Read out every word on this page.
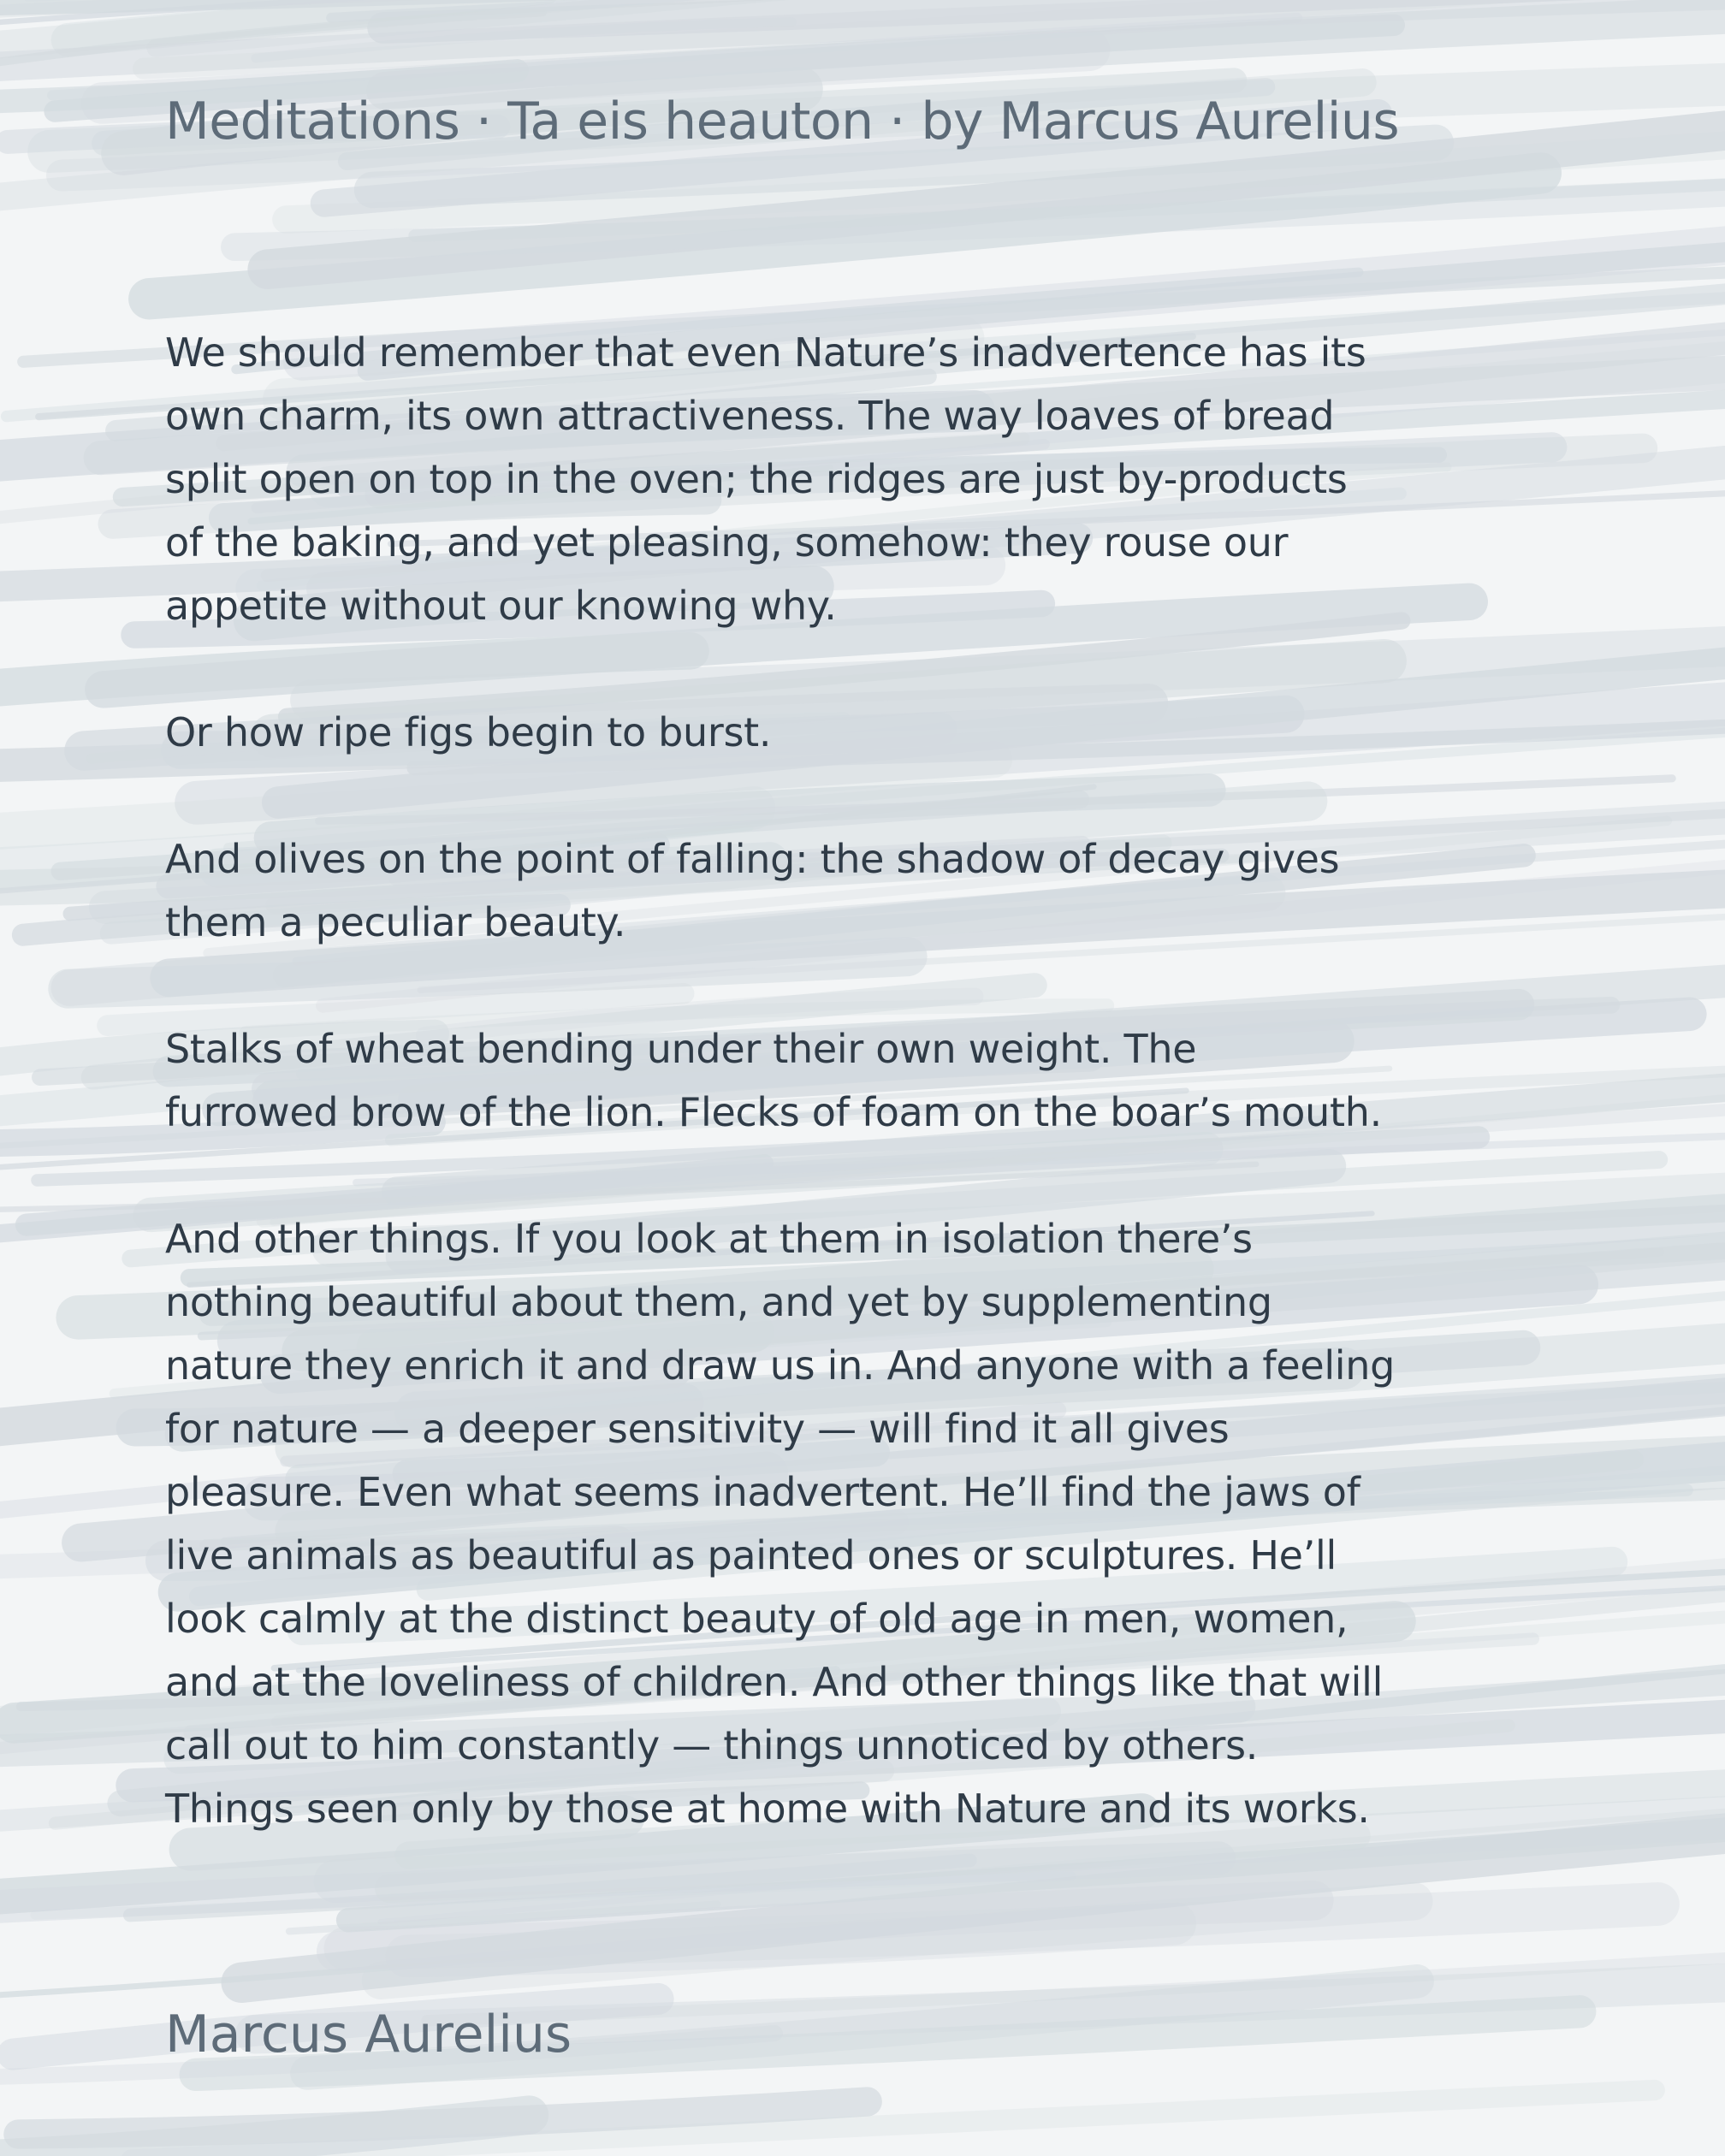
Meditations · Ta eis heauton · by Marcus Aurelius

We should remember that even Nature’s inadvertence has its
own charm, its own attractiveness. The way loaves of bread
split open on top in the oven; the ridges are just by-products
of the baking, and yet pleasing, somehow: they rouse our
appetite without our knowing why.

Or how ripe figs begin to burst.

And olives on the point of falling: the shadow of decay gives
them a peculiar beauty.

Stalks of wheat bending under their own weight. The
furrowed brow of the lion. Flecks of foam on the boar’s mouth.

And other things. If you look at them in isolation there’s
nothing beautiful about them, and yet by supplementing
nature they enrich it and draw us in. And anyone with a feeling
for nature — a deeper sensitivity — will find it all gives
pleasure. Even what seems inadvertent. He’ll find the jaws of
live animals as beautiful as painted ones or sculptures. He’ll
look calmly at the distinct beauty of old age in men, women,
and at the loveliness of children. And other things like that will
call out to him constantly — things unnoticed by others.
Things seen only by those at home with Nature and its works.

Marcus Aurelius
